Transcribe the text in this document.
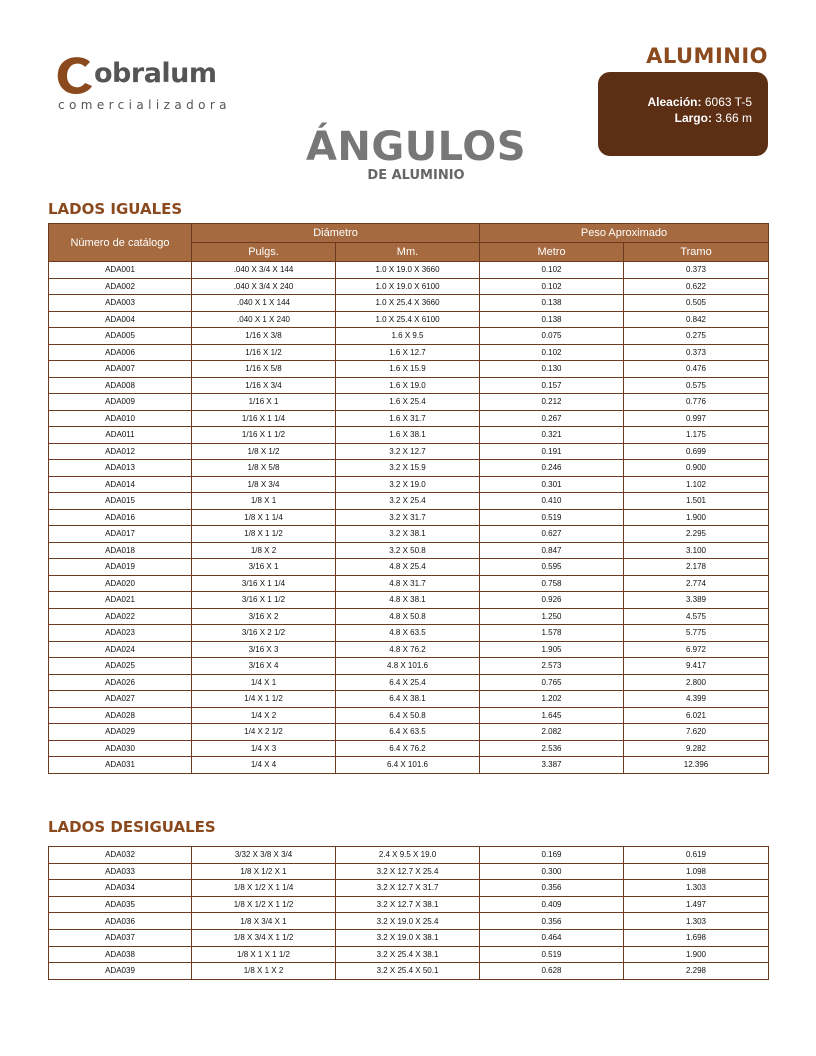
obralum
comercializadora
ALUMINIO
Aleación: 6063 T-5
Largo: 3.66 m
ÁNGULOS
DE ALUMINIO
LADOS IGUALES
Número de catálogo	Diámetro		Peso Aproximado	
	Pulgs.	Mm.	Metro	Tramo
ADA001	.040 X 3/4 X 144	1.0 X 19.0 X 3660	0.102	0.373
ADA002	.040 X 3/4 X 240	1.0 X 19.0 X 6100	0.102	0.622
ADA003	.040 X 1 X 144	1.0 X 25.4 X 3660	0.138	0.505
ADA004	.040 X 1 X 240	1.0 X 25.4 X 6100	0.138	0.842
ADA005	1/16 X 3/8	1.6 X 9.5	0.075	0.275
ADA006	1/16 X 1/2	1.6 X 12.7	0.102	0.373
ADA007	1/16 X 5/8	1.6 X 15.9	0.130	0.476
ADA008	1/16 X 3/4	1.6 X 19.0	0.157	0.575
ADA009	1/16 X 1	1.6 X 25.4	0.212	0.776
ADA010	1/16 X 1 1/4	1.6 X 31.7	0.267	0.997
ADA011	1/16 X 1 1/2	1.6 X 38.1	0.321	1.175
ADA012	1/8 X 1/2	3.2 X 12.7	0.191	0.699
ADA013	1/8 X 5/8	3.2 X 15.9	0.246	0.900
ADA014	1/8 X 3/4	3.2 X 19.0	0.301	1.102
ADA015	1/8 X 1	3.2 X 25.4	0.410	1.501
ADA016	1/8 X 1 1/4	3.2 X 31.7	0.519	1.900
ADA017	1/8 X 1 1/2	3.2 X 38.1	0.627	2.295
ADA018	1/8 X 2	3.2 X 50.8	0.847	3.100
ADA019	3/16 X 1	4.8 X 25.4	0.595	2.178
ADA020	3/16 X 1 1/4	4.8 X 31.7	0.758	2.774
ADA021	3/16 X 1 1/2	4.8 X 38.1	0.926	3.389
ADA022	3/16 X 2	4.8 X 50.8	1.250	4.575
ADA023	3/16 X 2 1/2	4.8 X 63.5	1.578	5.775
ADA024	3/16 X 3	4.8 X 76.2	1.905	6.972
ADA025	3/16 X 4	4.8 X 101.6	2.573	9.417
ADA026	1/4 X 1	6.4 X 25.4	0.765	2.800
ADA027	1/4 X 1 1/2	6.4 X 38.1	1.202	4.399
ADA028	1/4 X 2	6.4 X 50.8	1.645	6.021
ADA029	1/4 X 2 1/2	6.4 X 63.5	2.082	7.620
ADA030	1/4 X 3	6.4 X 76.2	2.536	9.282
ADA031	1/4 X 4	6.4 X 101.6	3.387	12.396
LADOS DESIGUALES
ADA032	3/32 X 3/8 X 3/4	2.4 X 9.5 X 19.0	0.169	0.619
ADA033	1/8 X 1/2 X 1	3.2 X 12.7 X 25.4	0.300	1.098
ADA034	1/8 X 1/2 X 1 1/4	3.2 X 12.7 X 31.7	0.356	1.303
ADA035	1/8 X 1/2 X 1 1/2	3.2 X 12.7 X 38.1	0.409	1.497
ADA036	1/8 X 3/4 X 1	3.2 X 19.0 X 25.4	0.356	1.303
ADA037	1/8 X 3/4 X 1 1/2	3.2 X 19.0 X 38.1	0.464	1.698
ADA038	1/8 X 1 X 1 1/2	3.2 X 25.4 X 38.1	0.519	1.900
ADA039	1/8 X 1 X 2	3.2 X 25.4 X 50.1	0.628	2.298
